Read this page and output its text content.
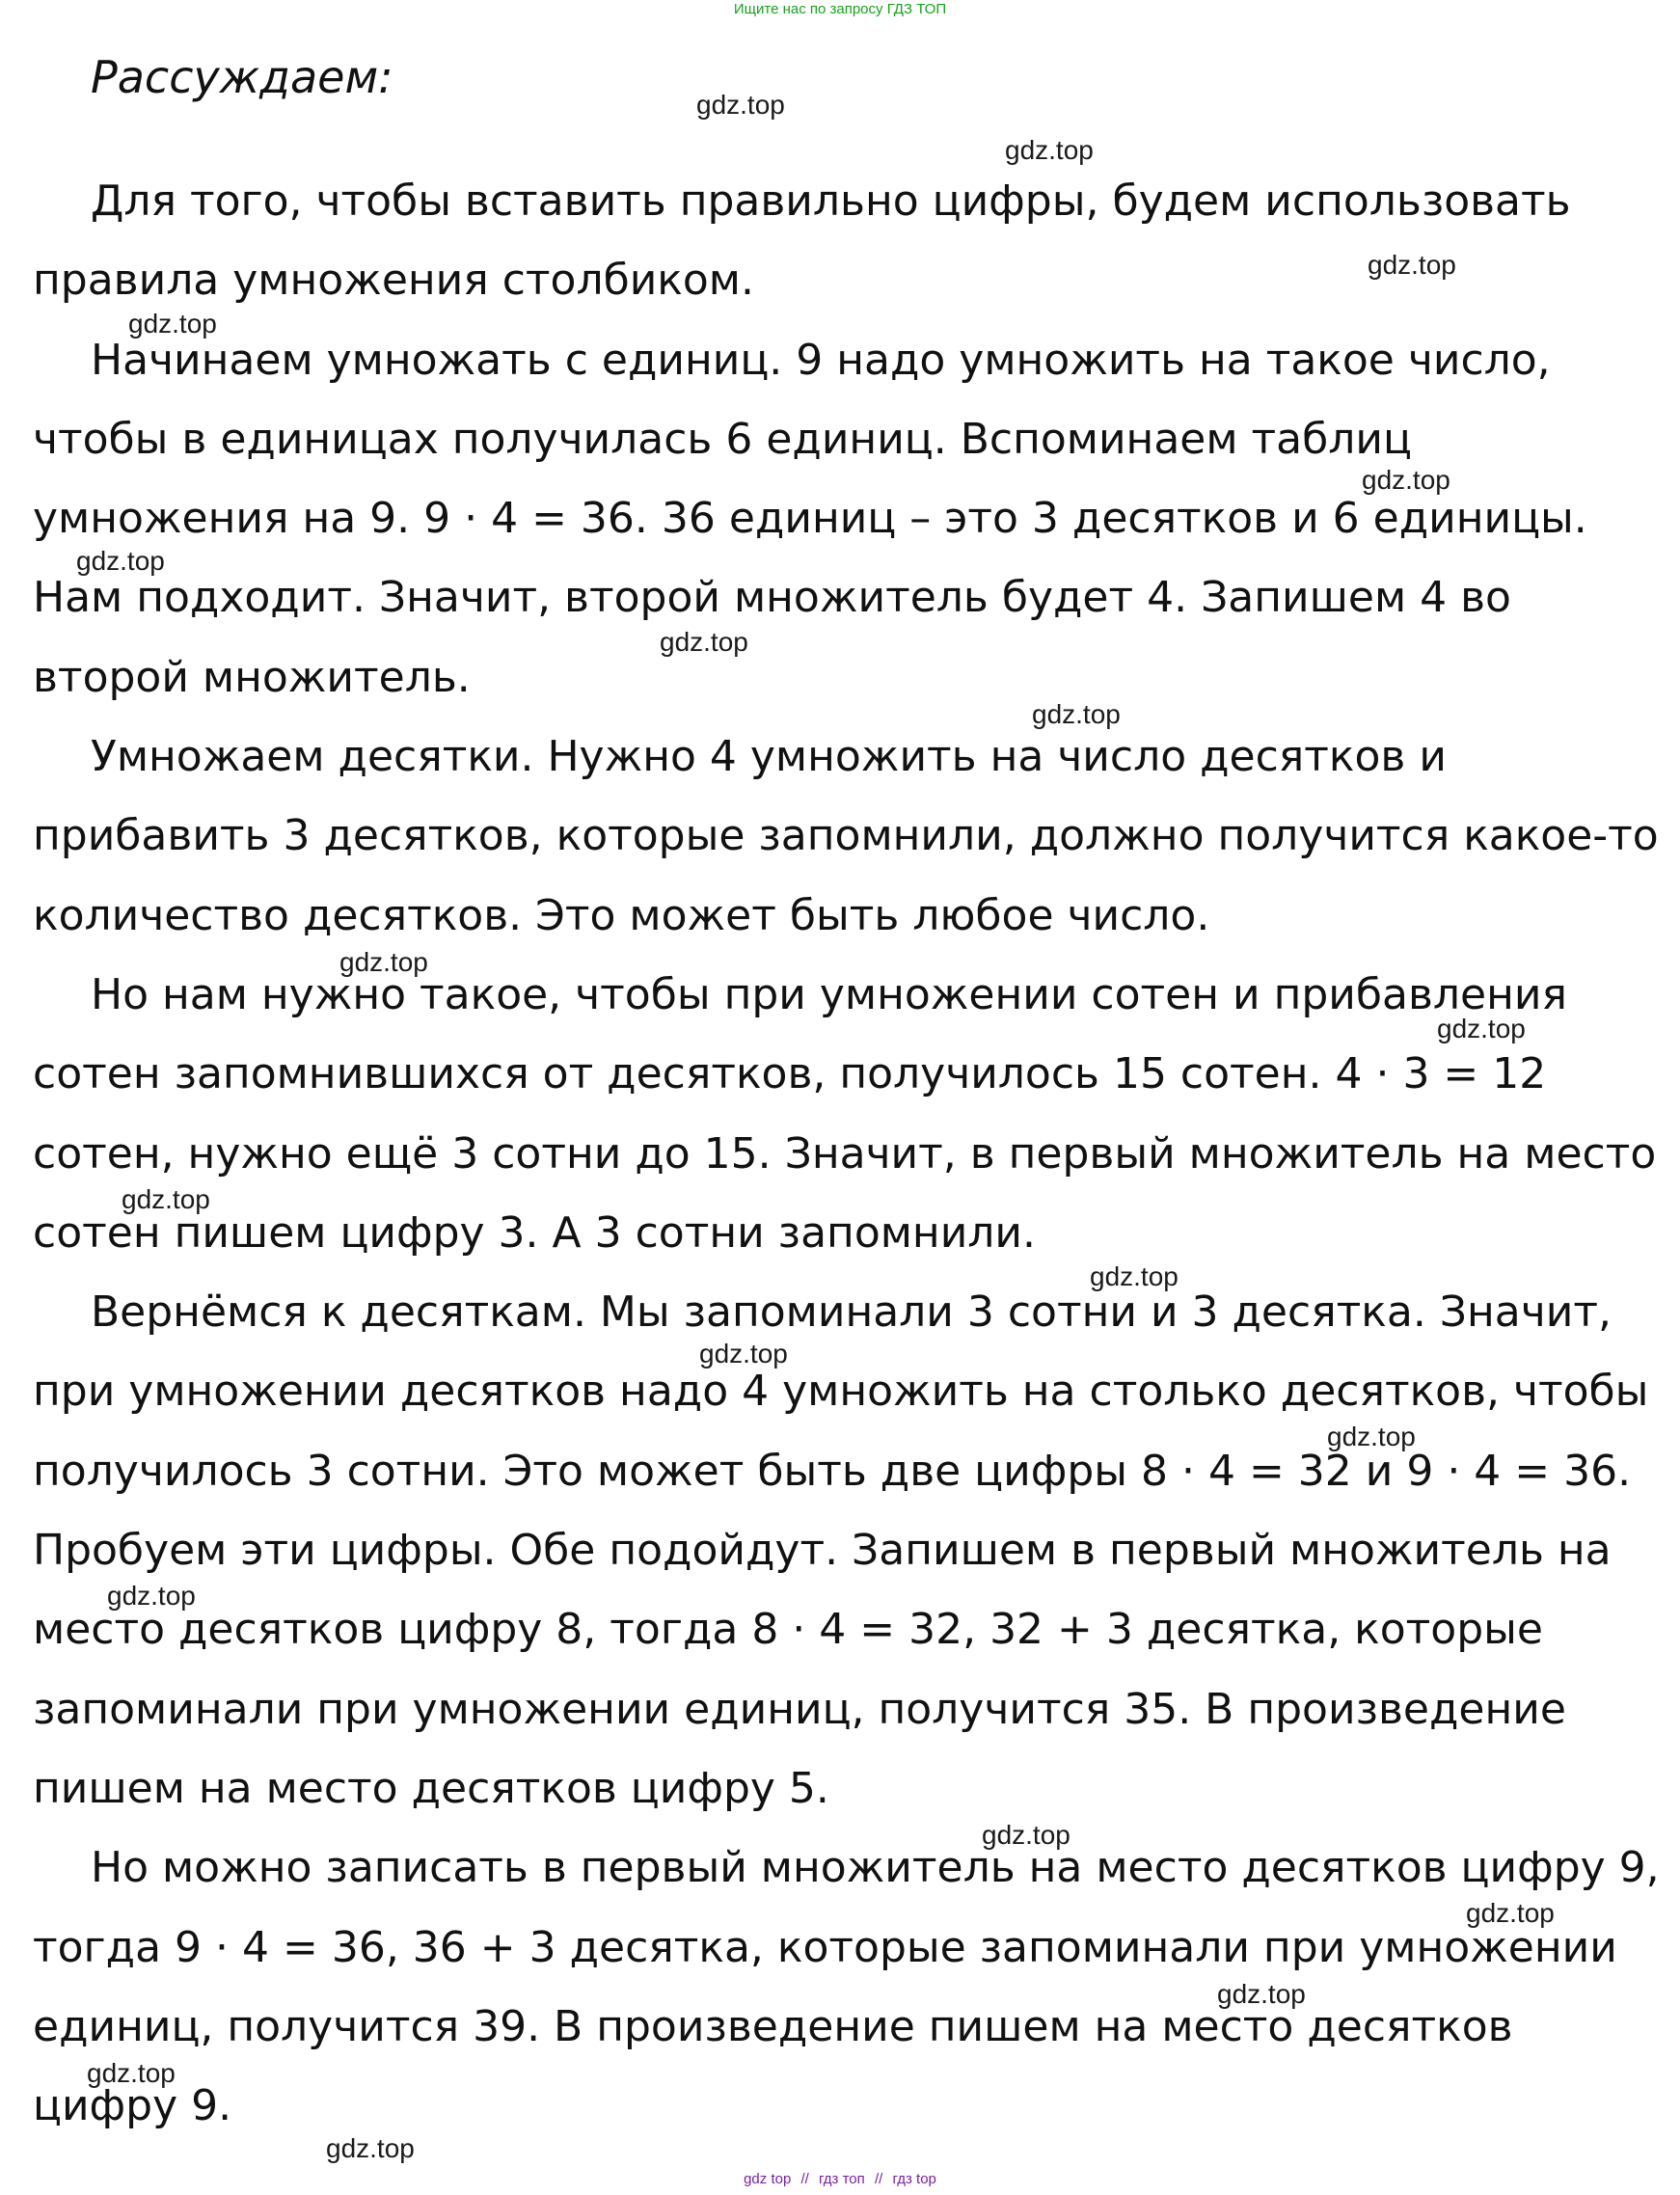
Ищите нас по запросу ГДЗ ТОП
Рассуждаем:

Для того, чтобы вставить правильно цифры, будем использовать правила умножения столбиком.

Начинаем умножать с единиц. 9 надо умножить на такое число, чтобы в единицах получилась 6 единиц. Вспоминаем таблиц умножения на 9. 9 · 4 = 36. 36 единиц – это 3 десятков и 6 единицы. Нам подходит. Значит, второй множитель будет 4. Запишем 4 во второй множитель.

Умножаем десятки. Нужно 4 умножить на число десятков и прибавить 3 десятков, которые запомнили, должно получится какое-то количество десятков. Это может быть любое число.

Но нам нужно такое, чтобы при умножении сотен и прибавления сотен запомнившихся от десятков, получилось 15 сотен. 4 · 3 = 12 сотен, нужно ещё 3 сотни до 15. Значит, в первый множитель на место сотен пишем цифру 3. А 3 сотни запомнили.

Вернёмся к десяткам. Мы запоминали 3 сотни и 3 десятка. Значит, при умножении десятков надо 4 умножить на столько десятков, чтобы получилось 3 сотни. Это может быть две цифры 8 · 4 = 32 и 9 · 4 = 36. Пробуем эти цифры. Обе подойдут. Запишем в первый множитель на место десятков цифру 8, тогда 8 · 4 = 32, 32 + 3 десятка, которые запоминали при умножении единиц, получится 35. В произведение пишем на место десятков цифру 5.

Но можно записать в первый множитель на место десятков цифру 9, тогда 9 · 4 = 36, 36 + 3 десятка, которые запоминали при умножении единиц, получится 39. В произведение пишем на место десятков цифру 9.

gdz.top
gdz.top
gdz.top
gdz.top
gdz.top
gdz.top
gdz.top
gdz.top
gdz.top
gdz.top
gdz.top
gdz.top
gdz.top
gdz.top
gdz.top
gdz.top
gdz.top
gdz.top
gdz.top
gdz.top
gdz top // гдз топ // гдз top
